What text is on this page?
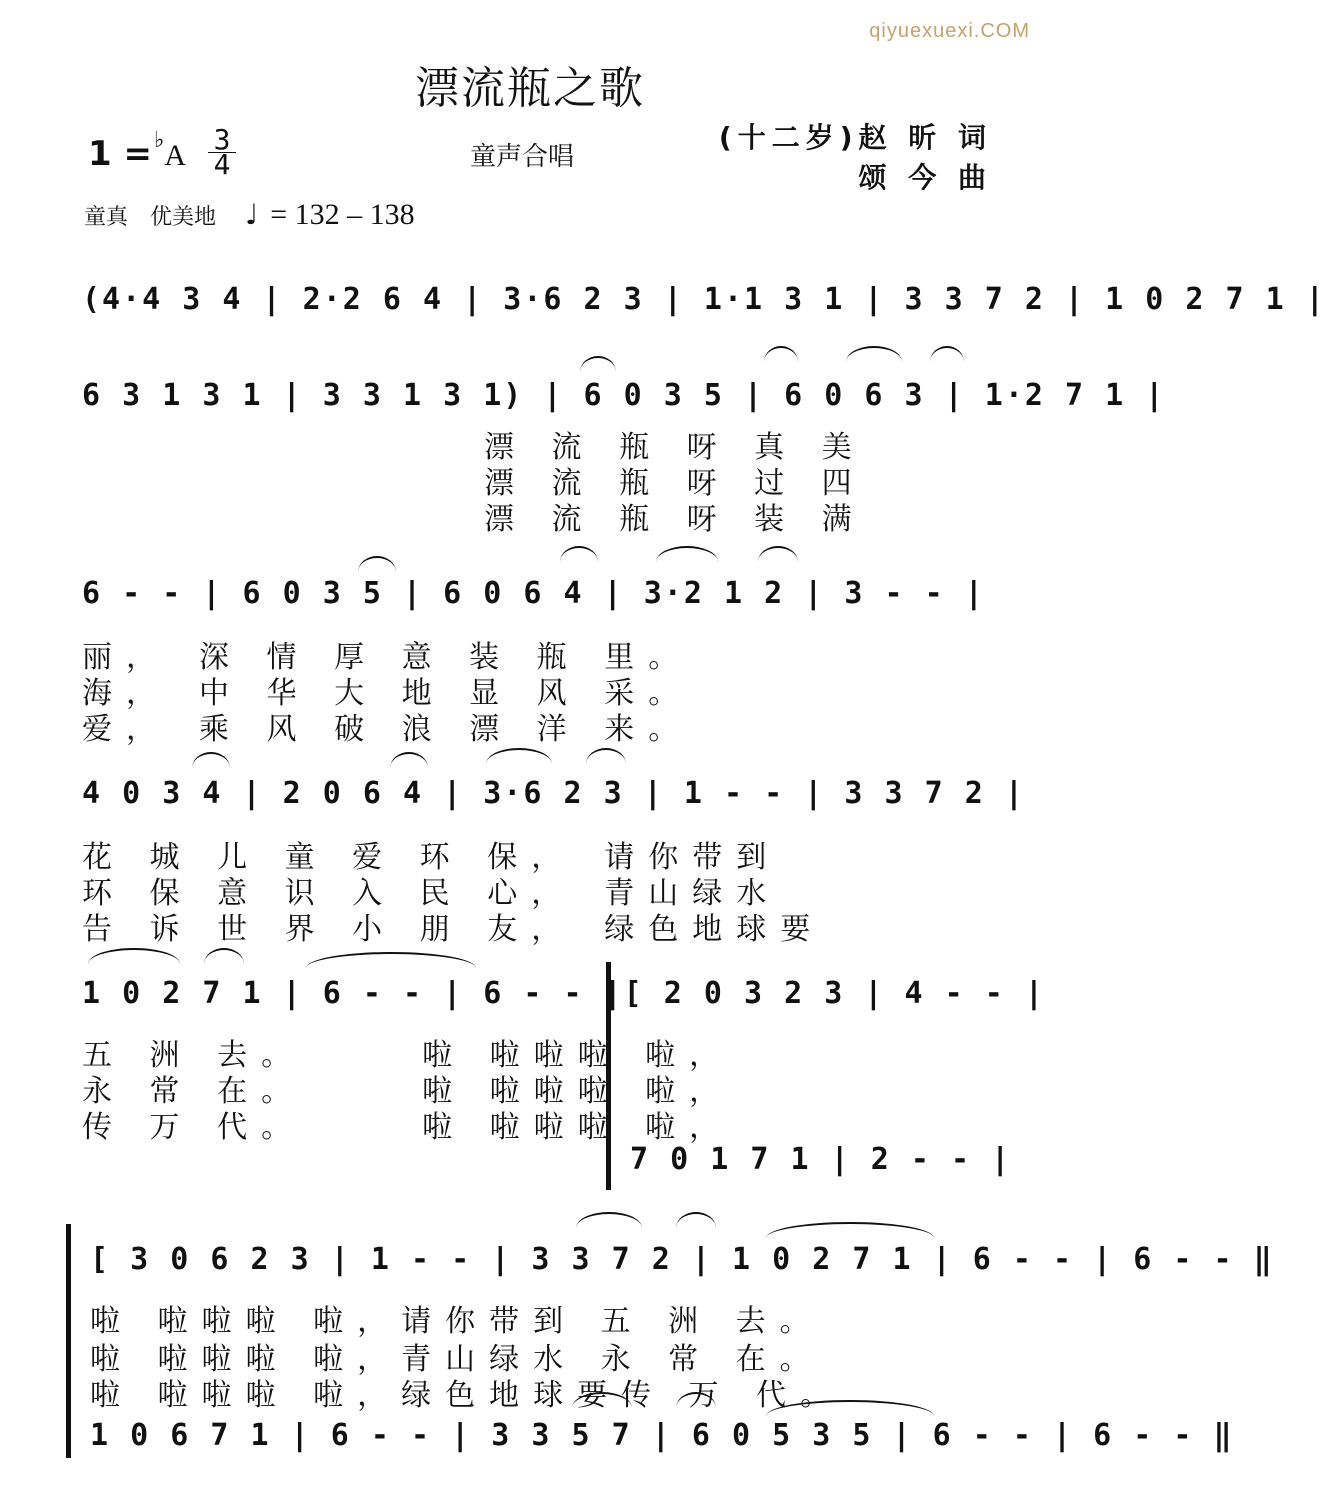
qiyuexuexi.COM
漂流瓶之歌
1 =♭A 3
4	童声合唱
(十二岁)赵 昕 词
颂 今 曲
童真　优美地 ♩ = 132 – 138
(4·4 3 4 | 2·2 6 4 | 3·6 2 3 | 1·1 3 1 | 3 3 7 2 | 1 0 2 7 1 |
6 3 1 3 1 | 3 3 1 3 1) | 6 0 3 5 | 6 0 6 3 | 1·2 7 1 |
漂 流 瓶 呀 真 美
漂 流 瓶 呀 过 四
漂 流 瓶 呀 装 满
6 - - | 6 0 3 5 | 6 0 6 4 | 3·2 1 2 | 3 - - |
丽，　深 情 厚 意 装 瓶 里。
海，　中 华 大 地 显 风 采。
爱，　乘 风 破 浪 漂 洋 来。
4 0 3 4 | 2 0 6 4 | 3·6 2 3 | 1 - - | 3 3 7 2 |
花 城 儿 童 爱 环 保，　请你带到
环 保 意 识 入 民 心，　青山绿水
告 诉 世 界 小 朋 友，　绿色地球要
1 0 2 7 1 | 6 - - | 6 - - |[ 2 0 3 2 3 | 4 - - |
五 洲 去。　　　啦 啦啦啦 啦，
永 常 在。　　　啦 啦啦啦 啦，
传 万 代。　　　啦 啦啦啦 啦，
7 0 1 7 1 | 2 - - |
[ 3 0 6 2 3 | 1 - - | 3 3 7 2 | 1 0 2 7 1 | 6 - - | 6 - - ‖
啦 啦啦啦 啦，请你带到 五 洲 去。
啦 啦啦啦 啦，青山绿水 永 常 在。
啦 啦啦啦 啦，绿色地球要传 万 代。
1 0 6 7 1 | 6 - - | 3 3 5 7 | 6 0 5 3 5 | 6 - - | 6 - - ‖
